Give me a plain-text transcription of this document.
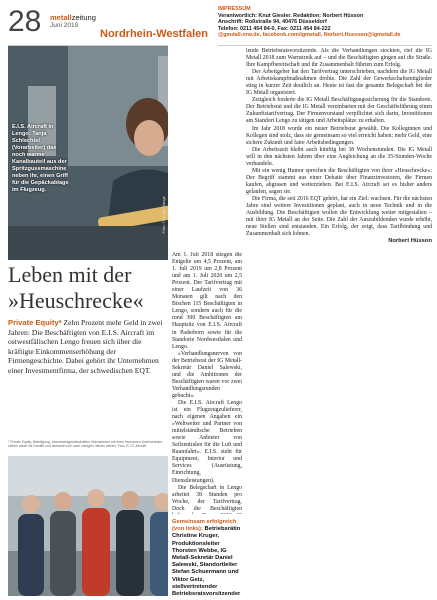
28 metallzeitung
Juni 2019
Nordrhein-Westfalen
IMPRESSUM
Verantwortlich: Knut Giesler. Redaktion: Norbert Hüsson
Anschrift: Roßstraße 94, 40476 Düsseldorf
Telefon: 0211 454 84-0, Fax: 0211 454 84-222
@gmdall-nrw.de, facebook.com/igmetall, Norbert.Huessen@igmetall.de
E.I.S. Aircraft in Lengo: Tanja Schlechtel (Vorarbeiter) das noch warme Kanalbauteil aus der Spritzgussmaschine neben ihr, einen Griff für die Gepäckablage im Flugzeug.
Foto: Thomas Range
Leben mit der
»Heuschrecke«
Private Equity* Zehn Prozent mehr Geld in zwei Jahren: Die Beschäftigten von E.I.S. Aircraft im ostwestfälischen Lengo freuen sich über die kräftigte Einkommenserhöhung der Firmengeschichte. Dabei gehört ihr Unternehmen einer Investmentfirma, der schwedischen EQT.
* Private Equity: Beteiligung. Investmentgesellschaften übernehmen mit ihren Investoren Unternehmen, ziehen diese mit Kredite und verkaufen sie nach wenigen Jahren wieder. Foto: E.I.S. Aircraft

Am 1. Juli 2018 stiegen die Entgelte um 4,5 Prozent, am 1. Juli 2019 um 2,8 Prozent und am 1. Juli 2020 um 2,5 Prozent. Der Tarifvertrag mit einer Laufzeit von 36 Monaten gilt nach den Bischen 115 Beschäftigten in Lengo, sondern auch für die rund 300 Beschäftigten am Hauptsitz von E.I.S. Aircraft in Paderborn sowie für die Standorte Nordwestfalen und Lengo.

»Verhandlungsnerven von der Betriebsrat der IG Metall-Sekretär Daniel Salewski, und die Ambitionen der Beschäftigten waren vor zwei Verhandlungsrunden gebucht«.

Die E.I.S. Aircraft Lengo ist ein Flugzeugzulieferer, nach eigenen Angaben ein »Weltweiter und Partner von mittelständische Betrieben sowie Anbieter von Seilzentralen für die Luft und Raumfahrt«. E.I.S. steht für Equipment, Interior und Services (Ausrüstung, Einrichtung, Dienstleistungen).

Die Belegschaft in Lengo arbeitet 38 Stunden pro Woche, der Tarifvertrag. Doch die Beschäftigten

Gemeinsam erfolgreich (von links): Betriebsrätin Christine Kruger, Produktionsleiter Thorsten Webbe, IG Metall-Sekretär Daniel Salewski, Standortleiter Stefan Schuermann und Viktor Getz, stellvertretender Betriebsratsvorsitzender

lende Betriebsratsvorsitzende. Als die Verhandlungen stockten, rief die IG Metall 2018 zum Warnstreik auf – und die Beschäftigten gingen auf die Straße. Ihre Kampfbereitschaft und ihr Zusammenhalt führten zum Erfolg.

Der Arbeitgeber hat den Tarifvertrag unterschrieben, nachdem die IG Metall mit Arbeitskampfmaßnahmen drohte. Die Zahl der Gewerkschaftsmitglieder stieg in kurzer Zeit deutlich an. Heute ist fast die gesamte Belegschaft bei der IG Metall organisiert.

Zeitgleich forderte die IG Metall Beschäftigungssicherung für die Standorte. Der Betriebsrat und die IG Metall vereinbarten mit der Geschäftsführung einen Zukunftstarifvertrag. Der Firmenvorstand verpflichtet sich darin, Investitionen am Standort Lengo zu tätigen und Arbeitsplätze zu erhalten.

Im Jahr 2018 wurde ein neuer Betriebsrat gewählt. Die Kolleginnen und Kollegen sind stolz, dass sie gemeinsam so viel erreicht haben: mehr Geld, eine sichere Zukunft und faire Arbeitsbedingungen.

Die Arbeitszeit bleibt auch künftig bei 38 Wochenstunden. Die IG Metall will in den nächsten Jahren über eine Angleichung an die 35-Stunden-Woche verhandeln.

Mit ein wenig Humor sprechen die Beschäftigten von ihrer »Heuschrecke«: Der Begriff stammt aus einer Debatte über Finanzinvestoren, die Firmen kaufen, abgrasen und weiterziehen. Bei E.I.S. Aircraft sei es bisher anders gelaufen, sagen sie.

Die Firma, die seit 2016 EQT gehört, hat ein Ziel: wachsen. Für die nächsten Jahre sind weitere Investitionen geplant, auch in neue Technik und in die Ausbildung. Die Beschäftigten wollen die Entwicklung weiter mitgestalten – mit ihrer IG Metall an der Seite. Die Zahl der Auszubildenden wurde erhöht, neue Stellen sind entstanden. Ein Erfolg, der zeigt, dass Tarifbindung und Zusammenhalt sich lohnen.

Norbert Hüsson
